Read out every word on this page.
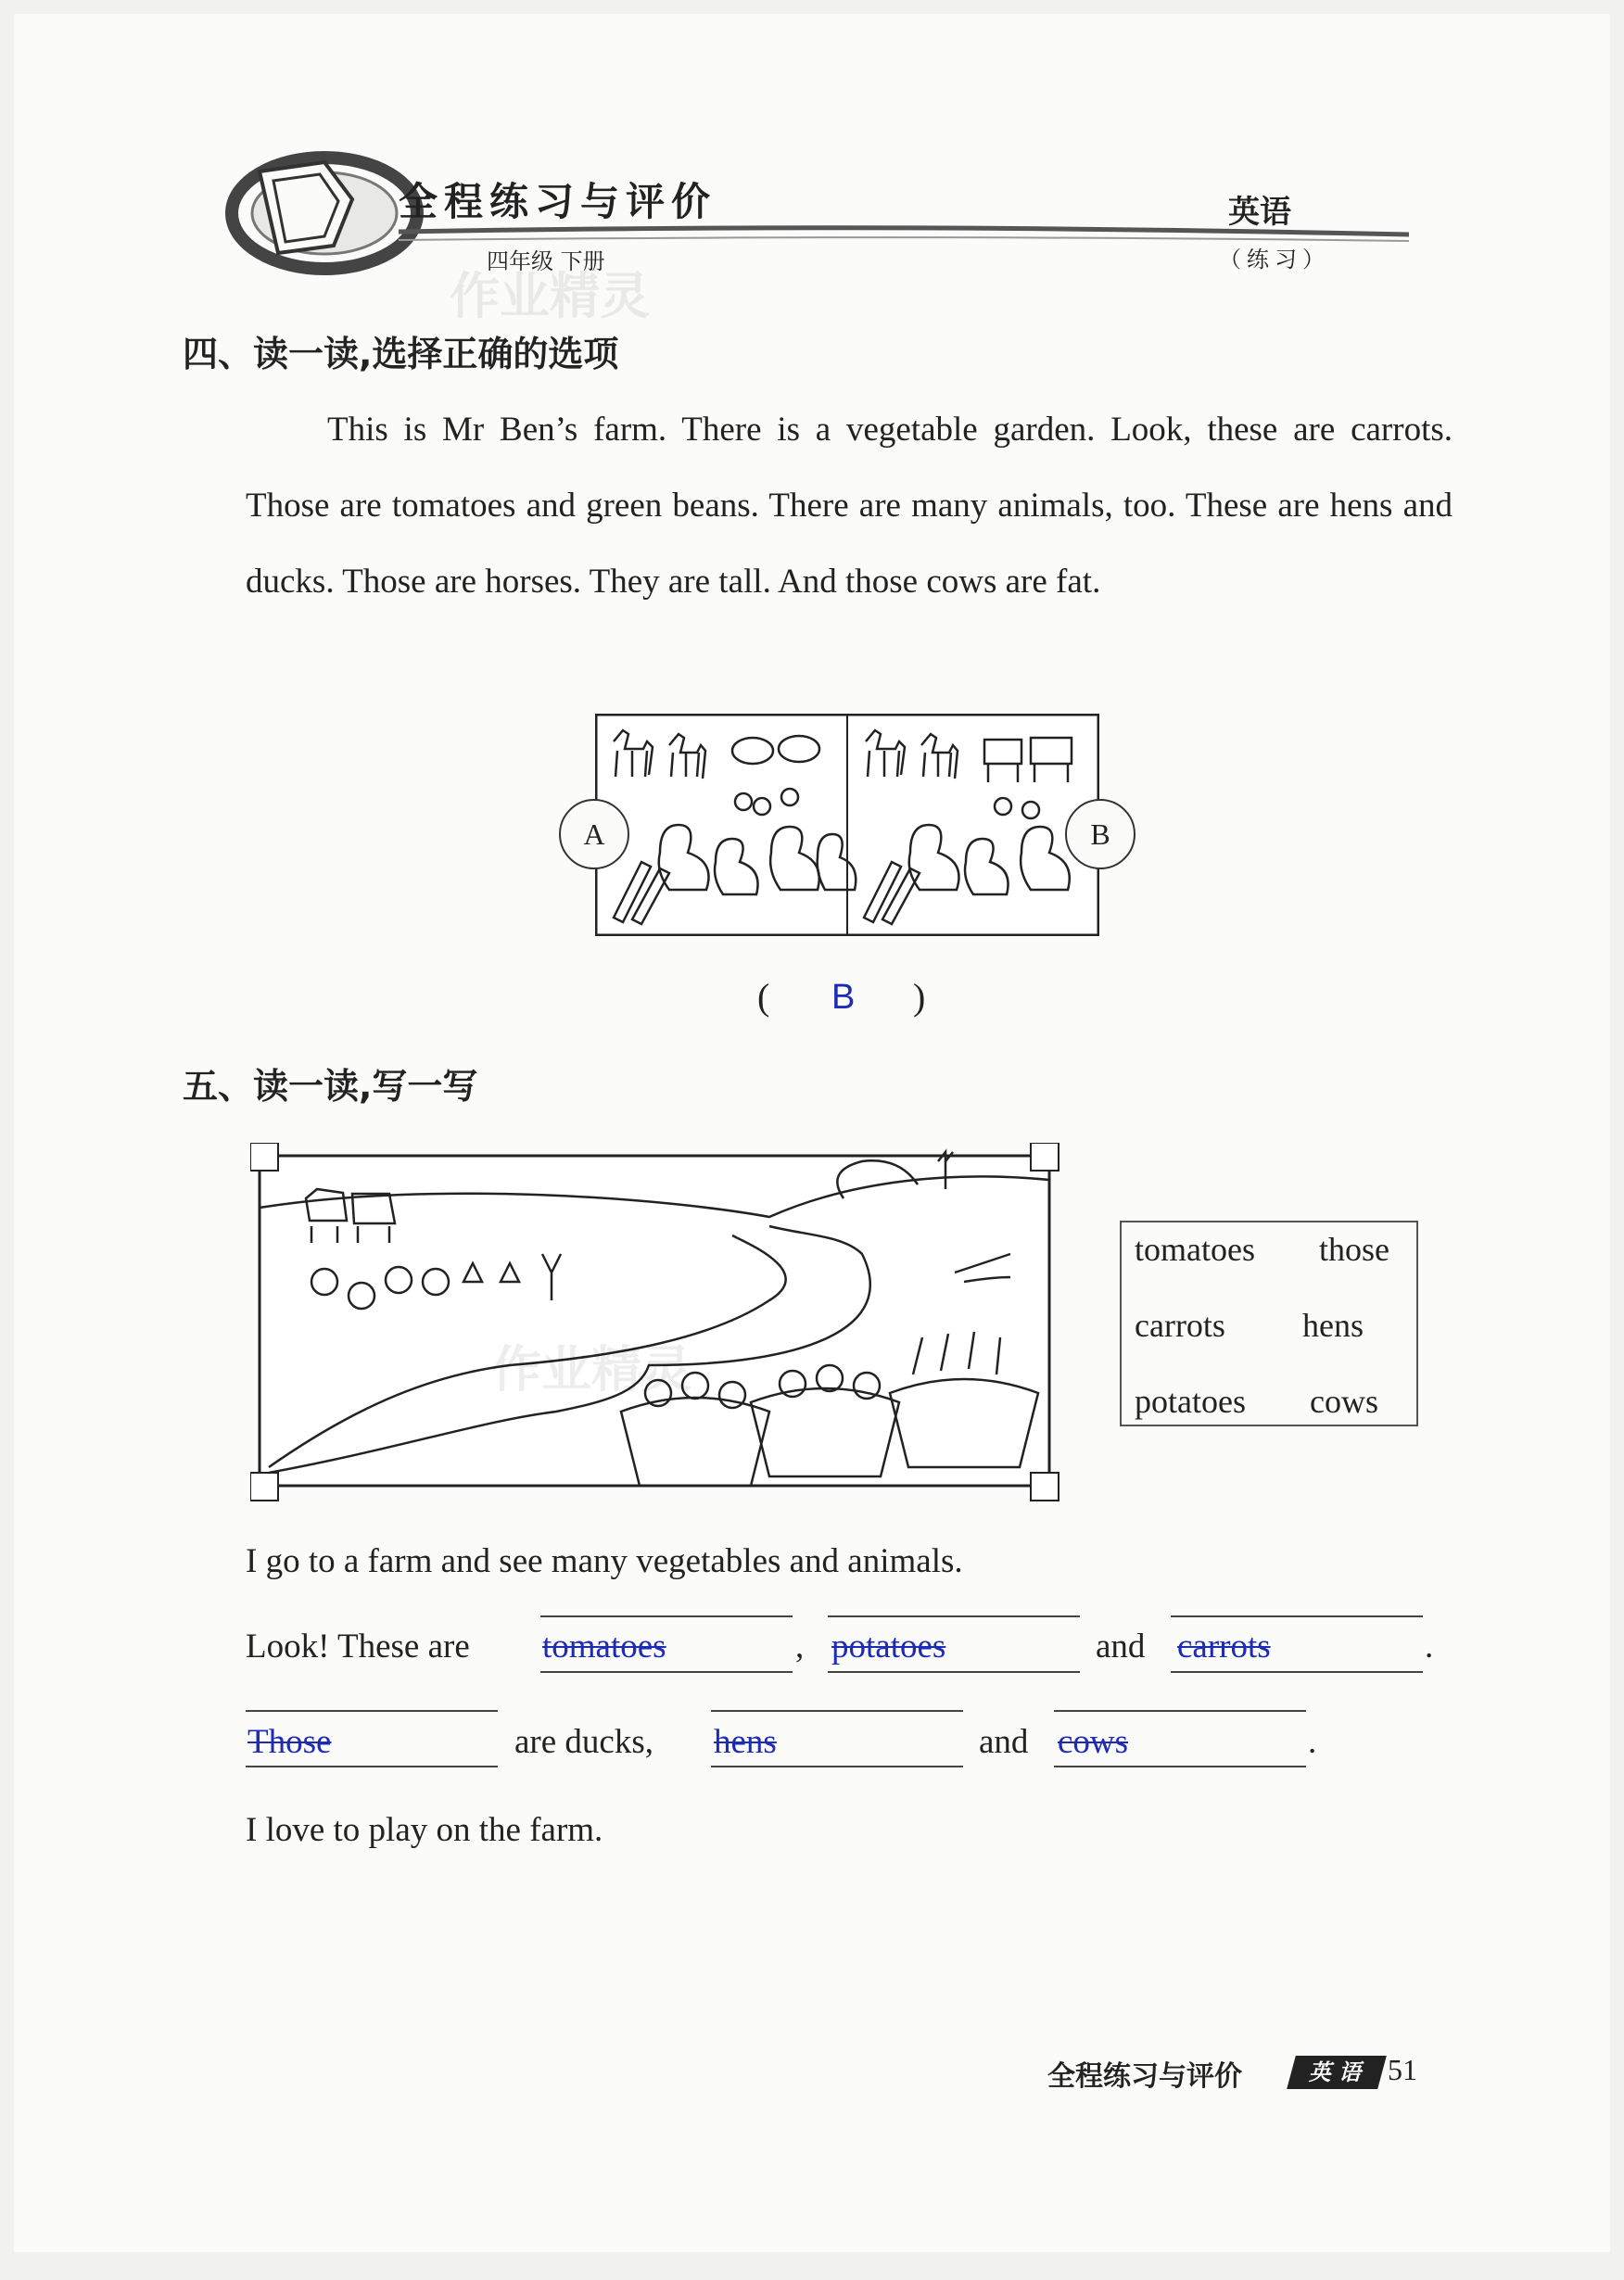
全程练习与评价
四年级 下册
英语
（练习）
作业精灵
四、读一读,选择正确的选项
This is Mr Ben’s farm. There is a vegetable garden. Look, these are carrots. Those are tomatoes and green beans. There are many animals, too. These are hens and ducks. Those are horses. They are tall. And those cows are fat.
A	B
( B )
五、读一读,写一写
作业精灵
tomatoes those
carrots hens
potatoes cows
I go to a farm and see many vegetables and animals.
Look! These are tomatoes	, potatoes	and carrots	.
Those	are ducks, hens	and cows	.
I love to play on the farm.
全程练习与评价	英 语 51
